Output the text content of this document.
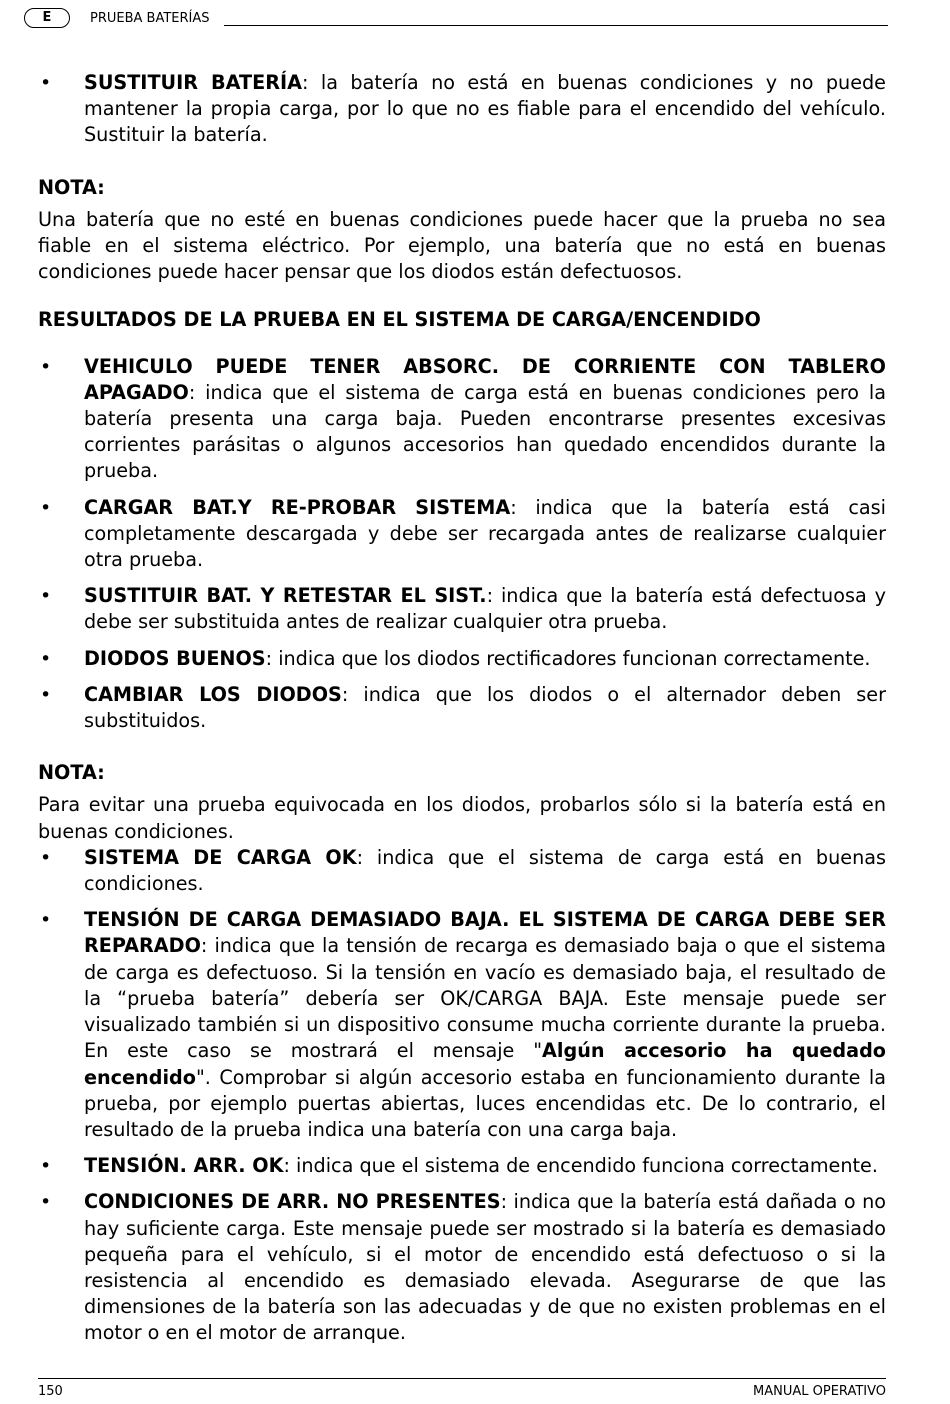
E	PRUEBA BATERÍAS
• SUSTITUIR BATERÍA: la batería no está en buenas condiciones y no puede mantener la propia carga, por lo que no es fiable para el encendido del vehículo. Sustituir la batería.

NOTA:

Una batería que no esté en buenas condiciones puede hacer que la prueba no sea fiable en el sistema eléctrico. Por ejemplo, una batería que no está en buenas condiciones puede hacer pensar que los diodos están defectuosos.

RESULTADOS DE LA PRUEBA EN EL SISTEMA DE CARGA/ENCENDIDO

• VEHICULO PUEDE TENER ABSORC. DE CORRIENTE CON TABLERO APAGADO: indica que el sistema de carga está en buenas condiciones pero la batería presenta una carga baja. Pueden encontrarse presentes excesivas corrientes parásitas o algunos accesorios han quedado encendidos durante la prueba.
• CARGAR BAT.Y RE-PROBAR SISTEMA: indica que la batería está casi completamente descargada y debe ser recargada antes de realizarse cualquier otra prueba.
• SUSTITUIR BAT. Y RETESTAR EL SIST.: indica que la batería está defectuosa y debe ser substituida antes de realizar cualquier otra prueba.
• DIODOS BUENOS: indica que los diodos rectificadores funcionan correctamente.
• CAMBIAR LOS DIODOS: indica que los diodos o el alternador deben ser substituidos.

NOTA:

Para evitar una prueba equivocada en los diodos, probarlos sólo si la batería está en buenas condiciones.

• SISTEMA DE CARGA OK: indica que el sistema de carga está en buenas condiciones.
• TENSIÓN DE CARGA DEMASIADO BAJA. EL SISTEMA DE CARGA DEBE SER REPARADO: indica que la tensión de recarga es demasiado baja o que el sistema de carga es defectuoso. Si la tensión en vacío es demasiado baja, el resultado de la “prueba batería” debería ser OK/CARGA BAJA. Este mensaje puede ser visualizado también si un dispositivo consume mucha corriente durante la prueba. En este caso se mostrará el mensaje "Algún accesorio ha quedado encendido". Comprobar si algún accesorio estaba en funcionamiento durante la prueba, por ejemplo puertas abiertas, luces encendidas etc. De lo contrario, el resultado de la prueba indica una batería con una carga baja.
• TENSIÓN. ARR. OK: indica que el sistema de encendido funciona correctamente.
• CONDICIONES DE ARR. NO PRESENTES: indica que la batería está dañada o no hay suficiente carga. Este mensaje puede ser mostrado si la batería es demasiado pequeña para el vehículo, si el motor de encendido está defectuoso o si la resistencia al encendido es demasiado elevada. Asegurarse de que las dimensiones de la batería son las adecuadas y de que no existen problemas en el motor o en el motor de arranque.
150	MANUAL OPERATIVO
